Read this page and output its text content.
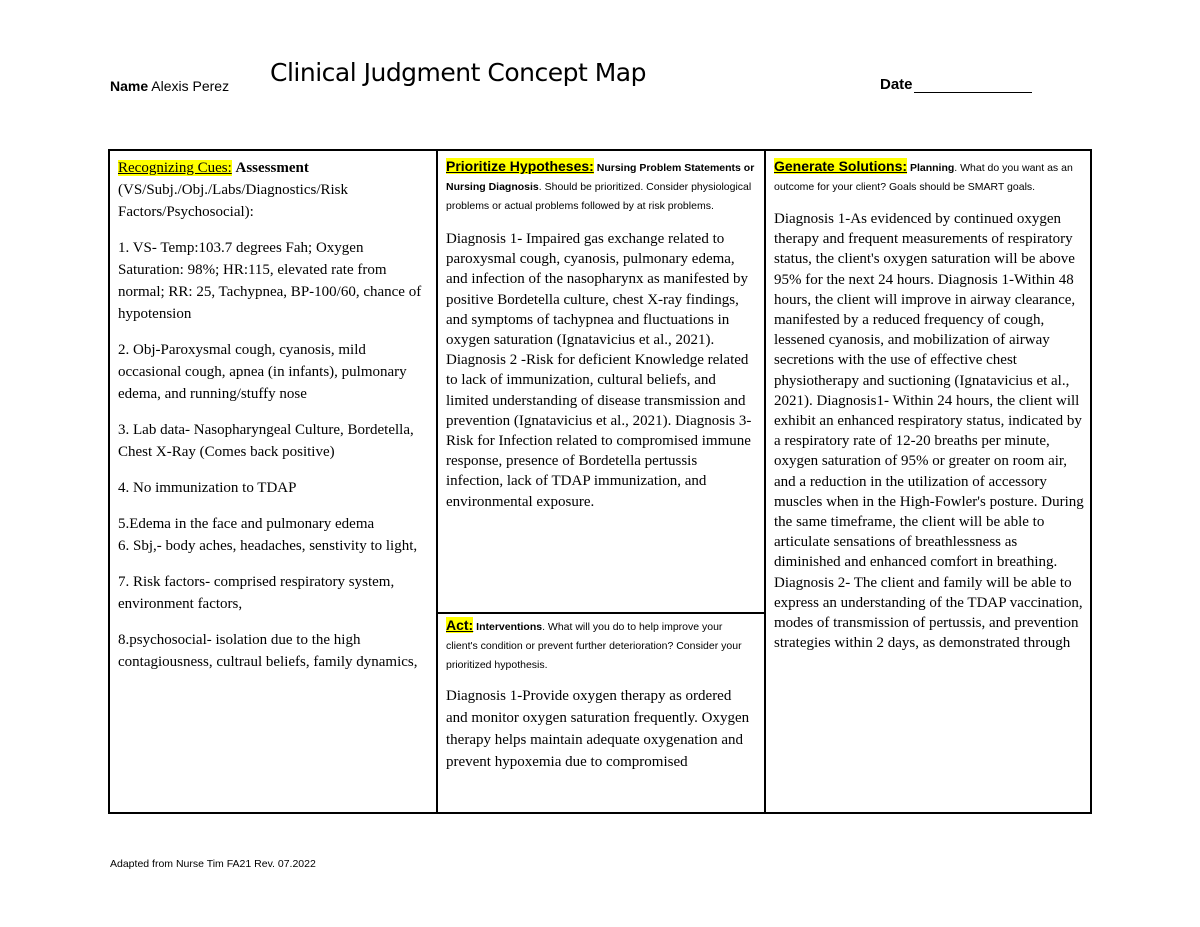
Name Alexis Perez Clinical Judgment Concept Map	Date
Recognizing Cues: Assessment
(VS/Subj./Obj./Labs/Diagnostics/Risk Factors/Psychosocial):
1. VS- Temp:103.7 degrees Fah; Oxygen Saturation: 98%; HR:115, elevated rate from normal; RR: 25, Tachypnea, BP-100/60, chance of hypotension
2. Obj-Paroxysmal cough, cyanosis, mild occasional cough, apnea (in infants), pulmonary edema, and running/stuffy nose
3. Lab data- Nasopharyngeal Culture, Bordetella, Chest X-Ray (Comes back positive)
4. No immunization to TDAP
5.Edema in the face and pulmonary edema
6. Sbj,- body aches, headaches, senstivity to light,
7. Risk factors- comprised respiratory system, environment factors,
8.psychosocial- isolation due to the high contagiousness, cultraul beliefs, family dynamics,
Prioritize Hypotheses: Nursing Problem Statements or Nursing Diagnosis. Should be prioritized. Consider physiological problems or actual problems followed by at risk problems.
Diagnosis 1- Impaired gas exchange related to paroxysmal cough, cyanosis, pulmonary edema, and infection of the nasopharynx as manifested by positive Bordetella culture, chest X-ray findings, and symptoms of tachypnea and fluctuations in oxygen saturation (Ignatavicius et al., 2021). Diagnosis 2 -Risk for deficient Knowledge related to lack of immunization, cultural beliefs, and limited understanding of disease transmission and prevention (Ignatavicius et al., 2021). Diagnosis 3- Risk for Infection related to compromised immune response, presence of Bordetella pertussis infection, lack of TDAP immunization, and environmental exposure.
Act: Interventions. What will you do to help improve your client's condition or prevent further deterioration? Consider your prioritized hypothesis.
Diagnosis 1-Provide oxygen therapy as ordered and monitor oxygen saturation frequently. Oxygen therapy helps maintain adequate oxygenation and prevent hypoxemia due to compromised
Generate Solutions: Planning. What do you want as an outcome for your client? Goals should be SMART goals.
Diagnosis 1-As evidenced by continued oxygen therapy and frequent measurements of respiratory status, the client's oxygen saturation will be above 95% for the next 24 hours. Diagnosis 1-Within 48 hours, the client will improve in airway clearance, manifested by a reduced frequency of cough, lessened cyanosis, and mobilization of airway secretions with the use of effective chest physiotherapy and suctioning (Ignatavicius et al., 2021). Diagnosis1- Within 24 hours, the client will exhibit an enhanced respiratory status, indicated by a respiratory rate of 12-20 breaths per minute, oxygen saturation of 95% or greater on room air, and a reduction in the utilization of accessory muscles when in the High-Fowler's posture. During the same timeframe, the client will be able to articulate sensations of breathlessness as diminished and enhanced comfort in breathing. Diagnosis 2- The client and family will be able to express an understanding of the TDAP vaccination, modes of transmission of pertussis, and prevention strategies within 2 days, as demonstrated through
Adapted from Nurse Tim FA21 Rev. 07.2022
